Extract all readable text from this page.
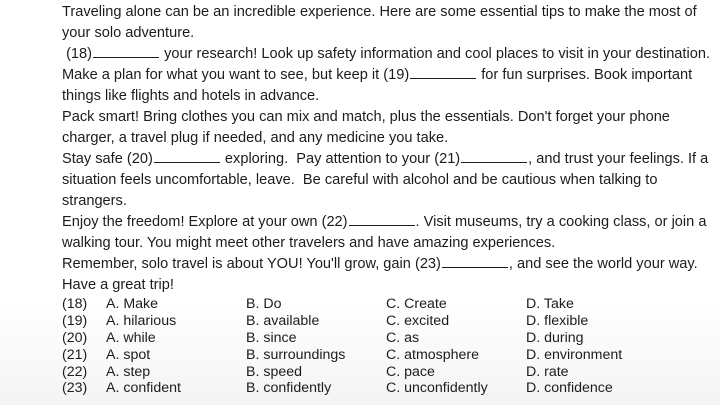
Traveling alone can be an incredible experience. Here are some essential tips to make the most of your solo adventure.

(18)	your research! Look up safety information and cool places to visit in your destination.  Make a plan for what you want to see, but keep it (19)	for fun surprises. Book important things like flights and hotels in advance.

Pack smart! Bring clothes you can mix and match, plus the essentials. Don't forget your phone charger, a travel plug if needed, and any medicine you take.

Stay safe (20)	exploring.  Pay attention to your (21)	, and trust your feelings. If a situation feels uncomfortable, leave.  Be careful with alcohol and be cautious when talking to strangers.

Enjoy the freedom! Explore at your own (22)	. Visit museums, try a cooking class, or join a walking tour. You might meet other travelers and have amazing experiences.

Remember, solo travel is about YOU! You'll grow, gain (23)	, and see the world your way. Have a great trip!

(18)	A. Make	B. Do	C. Create	D. Take
(19)	A. hilarious	B. available	C. excited	D. flexible
(20)	A. while	B. since	C. as	D. during
(21)	A. spot	B. surroundings	C. atmosphere	D. environment
(22)	A. step	B. speed	C. pace	D. rate
(23)	A. confident	B. confidently	C. unconfidently	D. confidence
